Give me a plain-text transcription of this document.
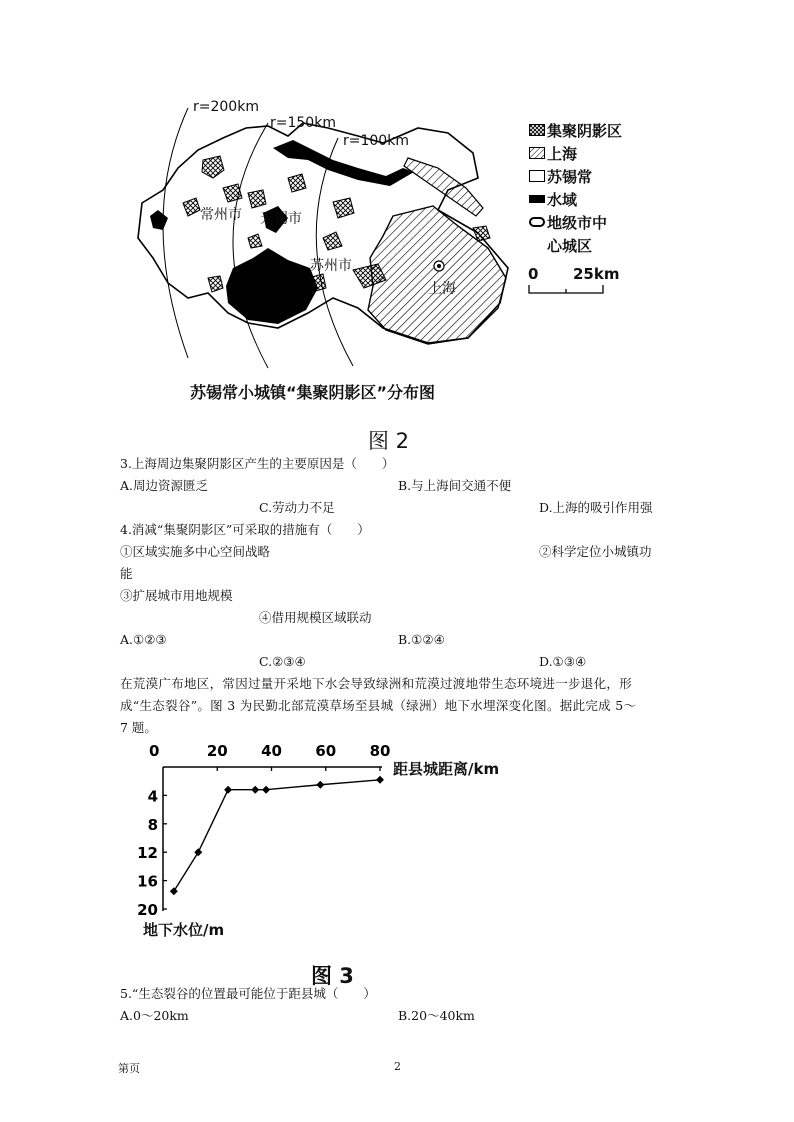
r=200km
r=150km
r=100km
常州市 无锡市
苏州市
上海
集聚阴影区
上海
苏锡常
水域
地级市中
心城区
0 25km
苏锡常小城镇“集聚阴影区”分布图
图 2
3.上海周边集聚阴影区产生的主要原因是（　　）
A.周边资源匮乏	B.与上海间交通不便
C.劳动力不足	D.上海的吸引作用强
4.消减“集聚阴影区”可采取的措施有（　　）
①区域实施多中心空间战略	②科学定位小城镇功
能
③扩展城市用地规模
④借用规模区域联动
A.①②③	B.①②④
C.②③④	D.①③④
在荒漠广布地区，常因过量开采地下水会导致绿洲和荒漠过渡地带生态环境进一步退化，形
成“生态裂谷”。图 3 为民勤北部荒漠草场至县城（绿洲）地下水埋深变化图。据此完成 5～
7 题。
0	20 40 60 80
4
8
12
16
20
距县城距离/km
地下水位/m
图 3
5.“生态裂谷的位置最可能位于距县城（　　）
A.0～20km	B.20～40km
第页	2
